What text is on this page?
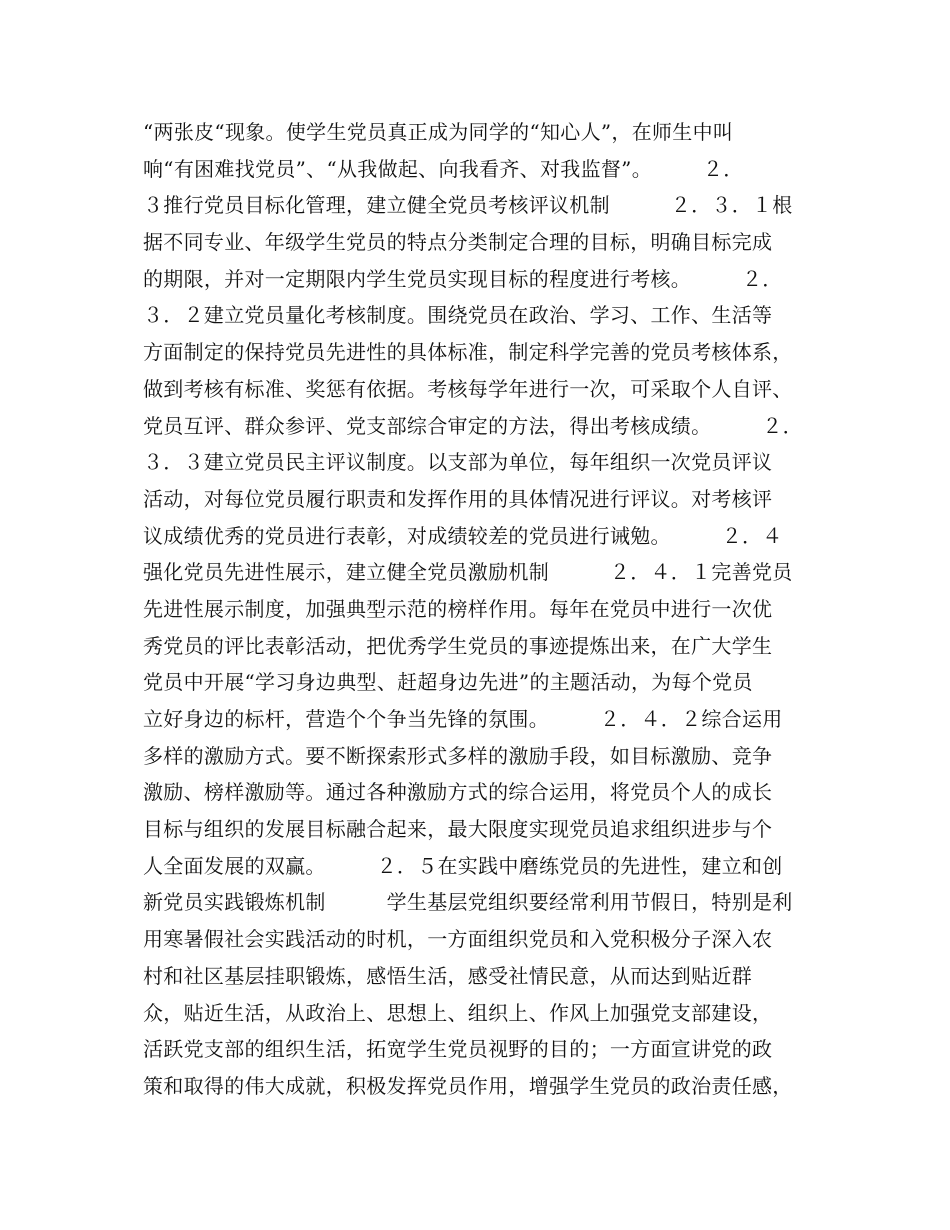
“两张皮“现象。使学生党员真正成为同学的“知心人”，在师生中叫
响“有困难找党员”、“从我做起、向我看齐、对我监督”。　　　２．
３推行党员目标化管理，建立健全党员考核评议机制　　　２．３．１根
据不同专业、年级学生党员的特点分类制定合理的目标，明确目标完成
的期限，并对一定期限内学生党员实现目标的程度进行考核。　　　２．
３．２建立党员量化考核制度。围绕党员在政治、学习、工作、生活等
方面制定的保持党员先进性的具体标准，制定科学完善的党员考核体系，
做到考核有标准、奖惩有依据。考核每学年进行一次，可采取个人自评、
党员互评、群众参评、党支部综合审定的方法，得出考核成绩。　　　２．
３．３建立党员民主评议制度。以支部为单位，每年组织一次党员评议
活动，对每位党员履行职责和发挥作用的具体情况进行评议。对考核评
议成绩优秀的党员进行表彰，对成绩较差的党员进行诫勉。　　　２．４
强化党员先进性展示，建立健全党员激励机制　　　２．４．１完善党员
先进性展示制度，加强典型示范的榜样作用。每年在党员中进行一次优
秀党员的评比表彰活动，把优秀学生党员的事迹提炼出来，在广大学生
党员中开展“学习身边典型、赶超身边先进”的主题活动，为每个党员
立好身边的标杆，营造个个争当先锋的氛围。　　　２．４．２综合运用
多样的激励方式。要不断探索形式多样的激励手段，如目标激励、竞争
激励、榜样激励等。通过各种激励方式的综合运用，将党员个人的成长
目标与组织的发展目标融合起来，最大限度实现党员追求组织进步与个
人全面发展的双赢。　　　２．５在实践中磨练党员的先进性，建立和创
新党员实践锻炼机制　　　学生基层党组织要经常利用节假日，特别是利
用寒暑假社会实践活动的时机，一方面组织党员和入党积极分子深入农
村和社区基层挂职锻炼，感悟生活，感受社情民意，从而达到贴近群
众，贴近生活，从政治上、思想上、组织上、作风上加强党支部建设，
活跃党支部的组织生活，拓宽学生党员视野的目的；一方面宣讲党的政
策和取得的伟大成就，积极发挥党员作用，增强学生党员的政治责任感，
